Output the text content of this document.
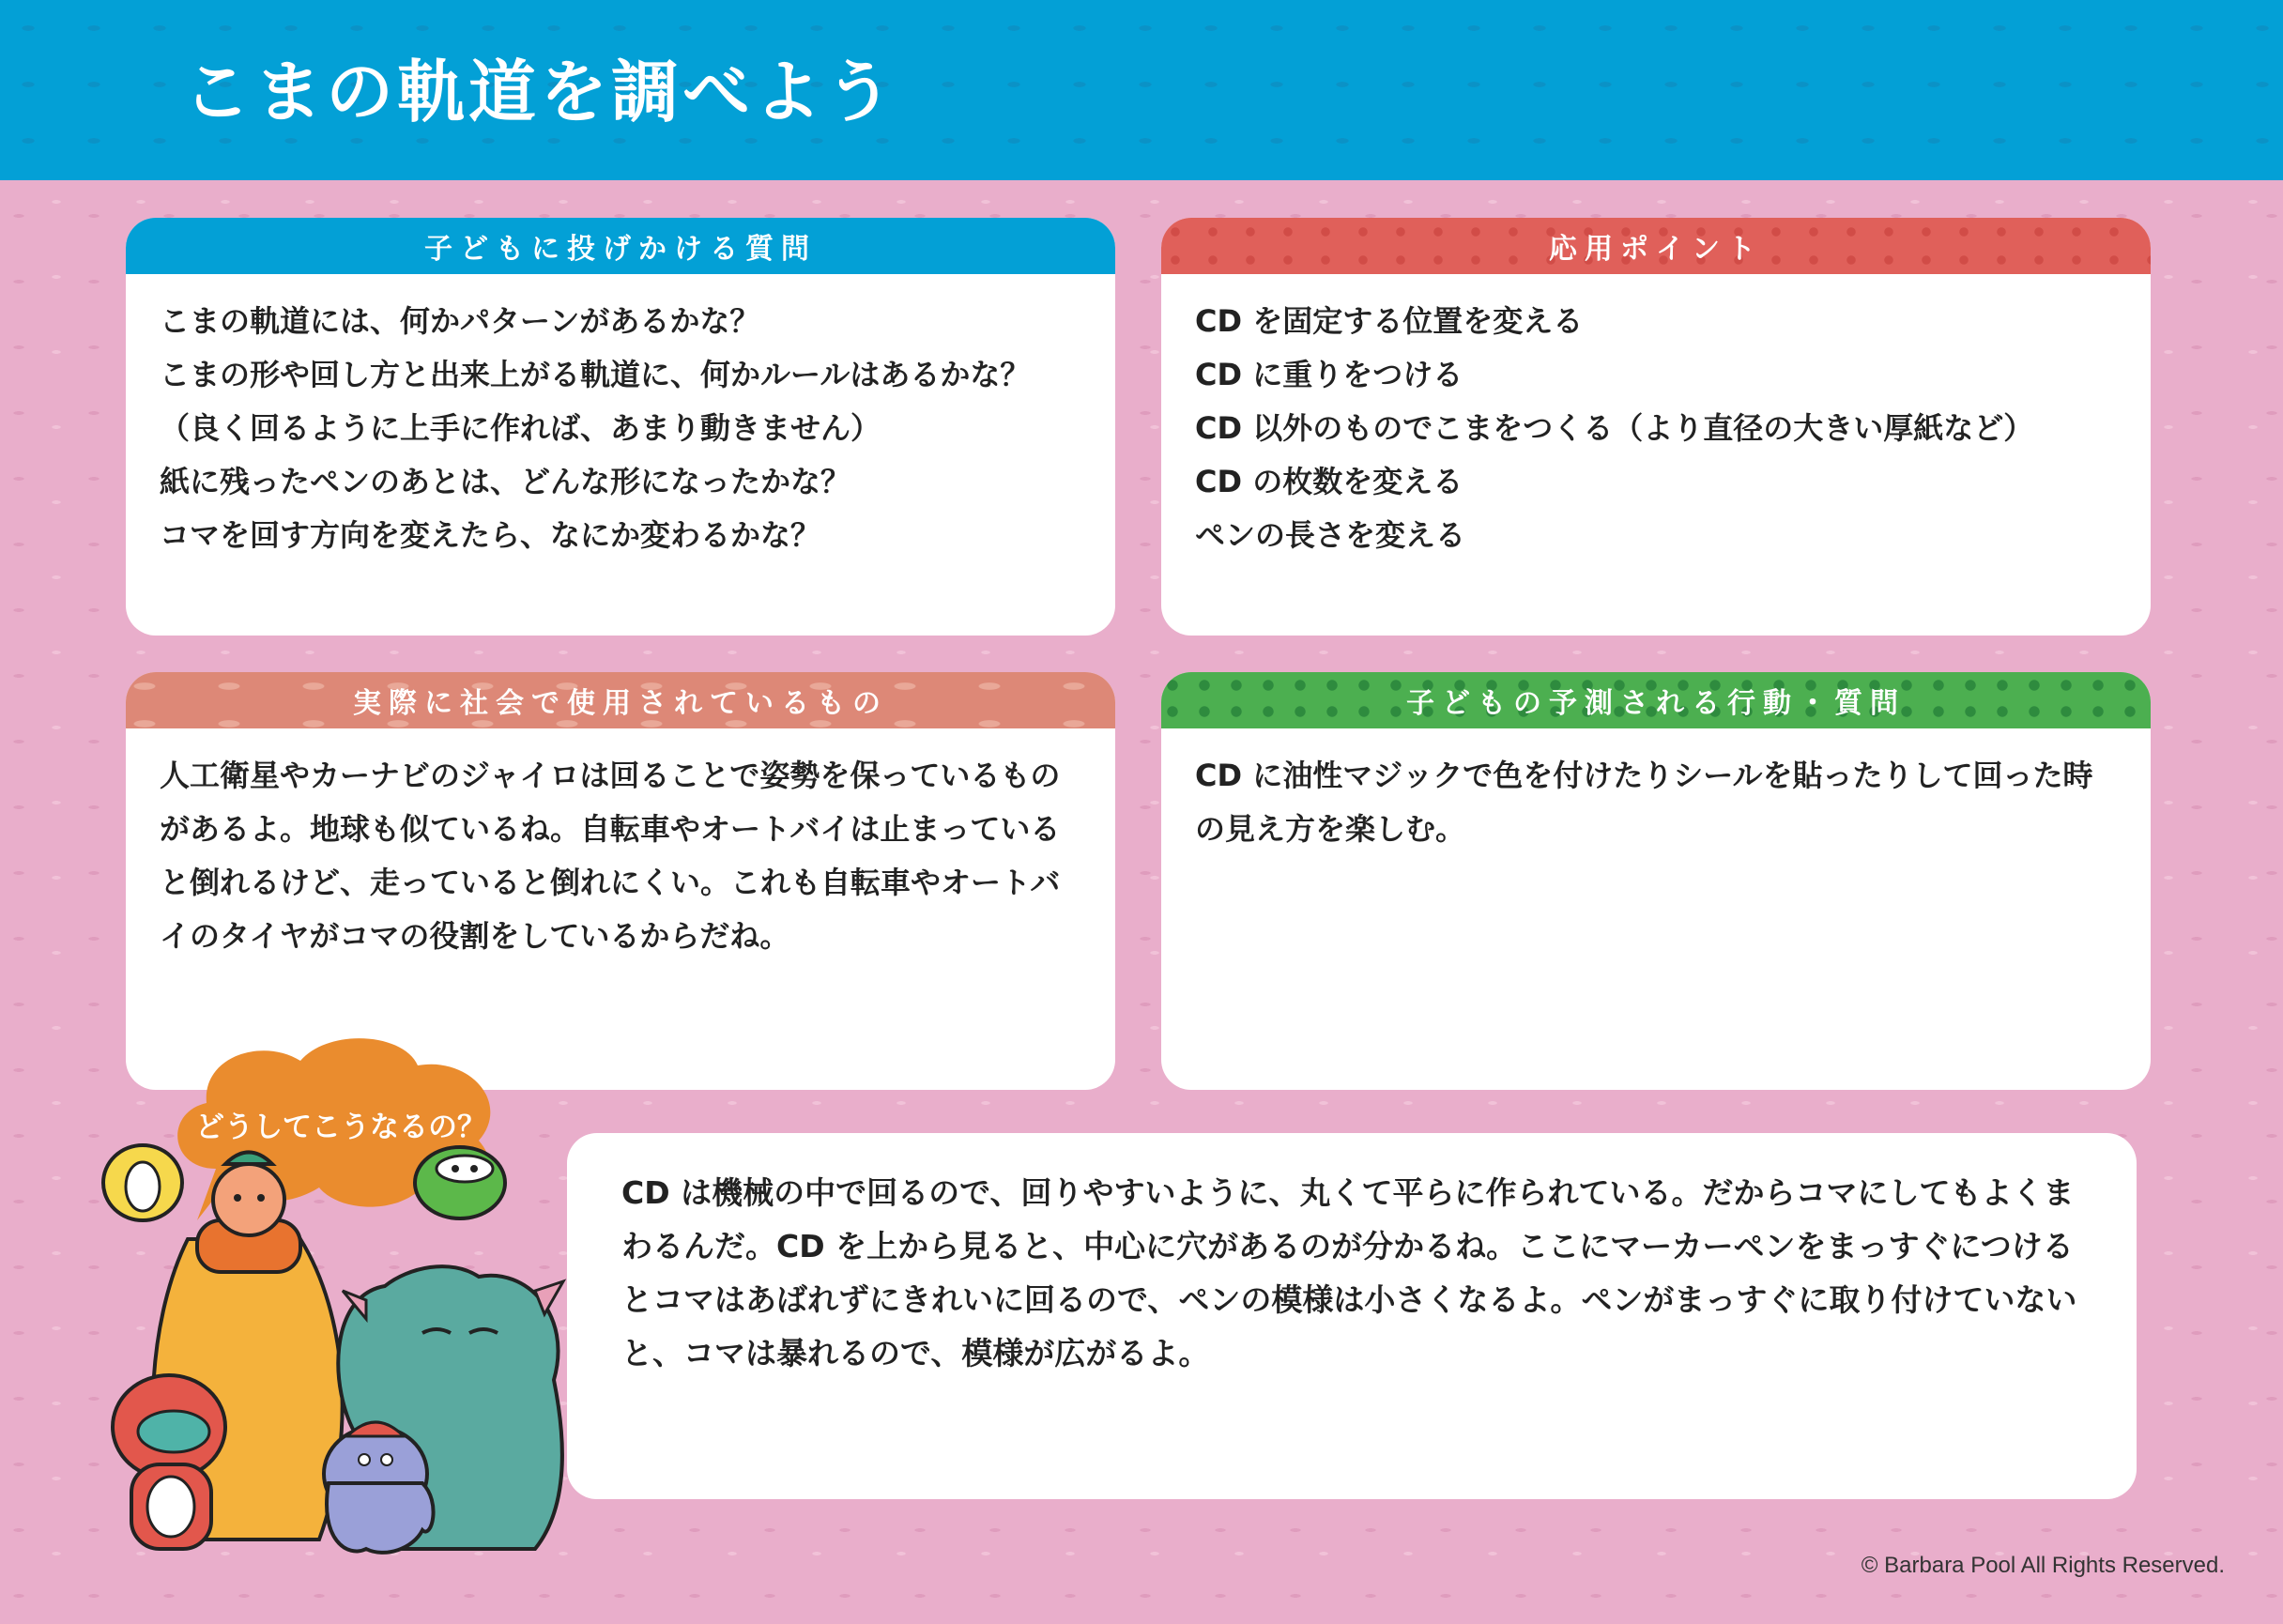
こまの軌道を調べよう
子どもに投げかける質問

こまの軌道には、何かパターンがあるかな？

こまの形や回し方と出来上がる軌道に、何かルールはあるかな？

（良く回るように上手に作れば、あまり動きません）

紙に残ったペンのあとは、どんな形になったかな？

コマを回す方向を変えたら、なにか変わるかな？

応用ポイント

CD を固定する位置を変える

CD に重りをつける

CD 以外のものでこまをつくる（より直径の大きい厚紙など）

CD の枚数を変える

ペンの長さを変える

実際に社会で使用されているもの

人工衛星やカーナビのジャイロは回ることで姿勢を保っているものがあるよ。地球も似ているね。自転車やオートバイは止まっていると倒れるけど、走っていると倒れにくい。これも自転車やオートバイのタイヤがコマの役割をしているからだね。

子どもの予測される行動・質問

CD に油性マジックで色を付けたりシールを貼ったりして回った時の見え方を楽しむ。

CD は機械の中で回るので、回りやすいように、丸くて平らに作られている。だからコマにしてもよくまわるんだ。CD を上から見ると、中心に穴があるのが分かるね。ここにマーカーペンをまっすぐにつけるとコマはあばれずにきれいに回るので、ペンの模様は小さくなるよ。ペンがまっすぐに取り付けていないと、コマは暴れるので、模様が広がるよ。

どうしてこうなるの？
© Barbara Pool All Rights Reserved.
